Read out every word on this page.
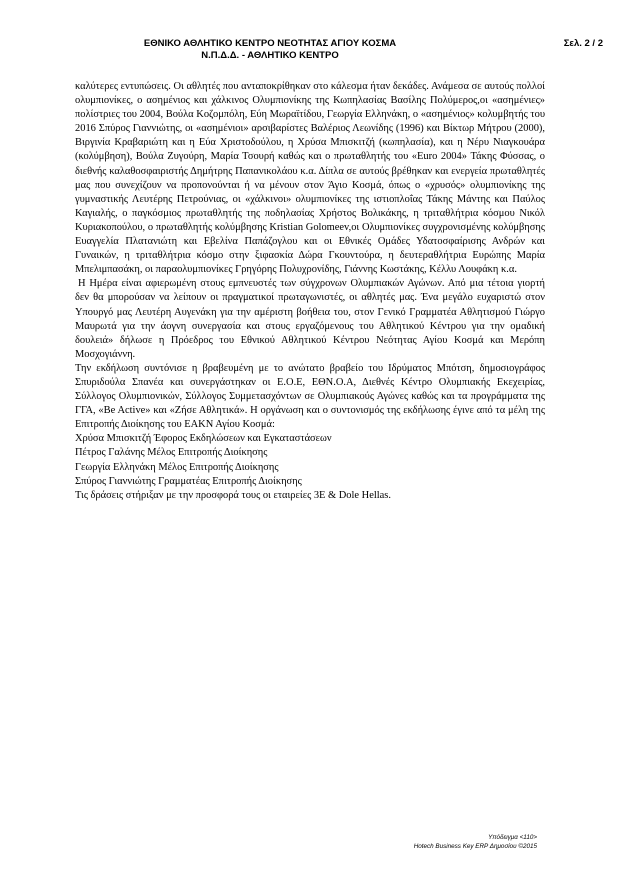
ΕΘΝΙΚΟ ΑΘΛΗΤΙΚΟ ΚΕΝΤΡΟ ΝΕΟΤΗΤΑΣ ΑΓΙΟΥ ΚΟΣΜΑ
Ν.Π.Δ.Δ. - ΑΘΛΗΤΙΚΟ ΚΕΝΤΡΟ
Σελ. 2 / 2

καλύτερες εντυπώσεις. Οι αθλητές που ανταποκρίθηκαν στο κάλεσμα ήταν δεκάδες. Ανάμεσα σε αυτούς πολλοί ολυμπιονίκες, ο ασημένιος και χάλκινος Ολυμπιονίκης της Κωπηλασίας Βασίλης Πολύμερος,οι «ασημένιες» πολίστριες του 2004, Βούλα Κοζομπόλη, Εύη Μωραϊτίδου, Γεωργία Ελληνάκη, ο «ασημένιος» κολυμβητής του 2016 Σπύρος Γιαννιώτης, οι «ασημένιοι» αρσιβαρίστες Βαλέριος Λεωνίδης (1996) και Βίκτωρ Μήτρου (2000), Βιργινία Κραβαριώτη και η Εύα Χριστοδούλου, η Χρύσα Μπισκιτζή (κωπηλασία), και η Νέρυ Νιαγκουάρα (κολύμβηση), Βούλα Ζυγούρη, Μαρία Τσουρή καθώς και ο πρωταθλητής του «Euro 2004» Τάκης Φύσσας, ο διεθνής καλαθοσφαιριστής Δημήτρης Παπανικολάου κ.α. Δίπλα σε αυτούς βρέθηκαν και ενεργεία πρωταθλητές μας που συνεχίζουν να προπονούνται ή να μένουν στον Άγιο Κοσμά, όπως ο «χρυσός» ολυμπιονίκης της γυμναστικής Λευτέρης Πετρούνιας, οι «χάλκινοι» ολυμπιονίκες της ιστιοπλοΐας Τάκης Μάντης και Παύλος Καγιαλής, ο παγκόσμιος πρωταθλητής της ποδηλασίας Χρήστος Βολικάκης, η τριταθλήτρια κόσμου Νικόλ Κυριακοπούλου, ο πρωταθλητής κολύμβησης Kristian Golomeev,οι Ολυμπιονίκες συγχρονισμένης κολύμβησης Ευαγγελία Πλατανιώτη και Εβελίνα Παπάζογλου και οι Εθνικές Ομάδες Υδατοσφαίρισης Ανδρών και Γυναικών, η τριταθλήτρια κόσμο στην ξιφασκία Δώρα Γκουντούρα, η δευτεραθλήτρια Ευρώπης Μαρία Μπελιμπασάκη, οι παραολυμπιονίκες Γρηγόρης Πολυχρονίδης, Γιάννης Κωστάκης, Κέλλυ Λουφάκη κ.α.

Η Ημέρα είναι αφιερωμένη στους εμπνευστές των σύγχρονων Ολυμπιακών Αγώνων. Από μια τέτοια γιορτή δεν θα μπορούσαν να λείπουν οι πραγματικοί πρωταγωνιστές, οι αθλητές μας. Ένα μεγάλο ευχαριστώ στον Υπουργό μας Λευτέρη Αυγενάκη για την αμέριστη βοήθεια του, στον Γενικό Γραμματέα Αθλητισμού Γιώργο Μαυρωτά για την άογνη συνεργασία και στους εργαζόμενους του Αθλητικού Κέντρου για την ομαδική δουλειά» δήλωσε η Πρόεδρος του Εθνικού Αθλητικού Κέντρου Νεότητας Αγίου Κοσμά και Μερόπη Μοσχογιάννη.

Την εκδήλωση συντόνισε η βραβευμένη με το ανώτατο βραβείο του Ιδρύματος Μπότση, δημοσιογράφος Σπυριδούλα Σπανέα και συνεργάστηκαν οι Ε.Ο.Ε, ΕΘΝ.Ο.Α, Διεθνές Κέντρο Ολυμπιακής Εκεχειρίας, Σύλλογος Ολυμπιονικών, Σύλλογος Συμμετασχόντων σε Ολυμπιακούς Αγώνες καθώς και τα προγράμματα της ΓΓΑ, «Be Active» και «Ζήσε Αθλητικά». Η οργάνωση και ο συντονισμός της εκδήλωσης έγινε από τα μέλη της Επιτροπής Διοίκησης του ΕΑΚΝ Αγίου Κοσμά:

Χρύσα Μπισκιτζή Έφορος Εκδηλώσεων και Εγκαταστάσεων

Πέτρος Γαλάνης Μέλος Επιτροπής Διοίκησης

Γεωργία Ελληνάκη Μέλος Επιτροπής Διοίκησης

Σπύρος Γιαννιώτης Γραμματέας Επιτροπής Διοίκησης

Τις δράσεις στήριξαν με την προσφορά τους οι εταιρείες 3Ε & Dole Hellas.

Υπόδειγμα <110>
Hotech Business Key ERP Δημοσίου ©2015
